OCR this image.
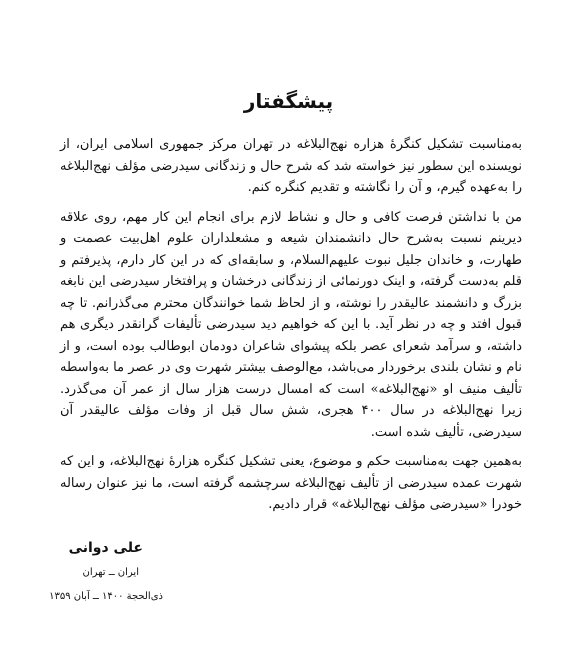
پیشگفتار

به‌مناسبت تشکیل کنگرهٔ هزاره نهج‌البلاغه در تهران مرکز جمهوری اسلامی ایران، از نویسنده این سطور نیز خواسته شد که شرح حال و زندگانی سیدرضی مؤلف نهج‌البلاغه را به‌عهده گیرم، و آن را نگاشته و تقدیم کنگره کنم.

من با نداشتن فرصت کافی و حال و نشاط لازم برای انجام این کار مهم، روی علاقه دیرینم نسبت به‌شرح حال دانشمندان شیعه و مشعلداران علوم اهل‌بیت عصمت و طهارت، و خاندان جلیل نبوت علیهم‌السلام، و سابقه‌ای که در این کار دارم، پذیرفتم و قلم به‌دست گرفته، و اینک دورنمائی از زندگانی درخشان و پرافتخار سیدرضی این نابغه بزرگ و دانشمند عالیقدر را نوشته، و از لحاظ شما خوانندگان محترم می‌گذرانم. تا چه قبول افتد و چه در نظر آید. با این که خواهیم دید سیدرضی تألیفات گرانقدر دیگری هم داشته، و سرآمد شعرای عصر بلکه پیشوای شاعران دودمان ابوطالب بوده است، و از نام و نشان بلندی برخوردار می‌باشد، مع‌الوصف بیشتر شهرت وی در عصر ما به‌واسطه تألیف منیف او «نهج‌البلاغه» است که امسال درست هزار سال از عمر آن می‌گذرد. زیرا نهج‌البلاغه در سال ۴۰۰ هجری، شش سال قبل از وفات مؤلف عالیقدر آن سیدرضی، تألیف شده است.

به‌همین جهت به‌مناسبت حکم و موضوع، یعنی تشکیل کنگره هزارهٔ نهج‌البلاغه، و این که شهرت عمده سیدرضی از تألیف نهج‌البلاغه سرچشمه گرفته است، ما نیز عنوان رساله خودرا «سیدرضی مؤلف نهج‌البلاغه» قرار دادیم.

علی دوانی
ایران ــ تهران
ذی‌الحجة ۱۴۰۰ ــ آبان ۱۳۵۹
